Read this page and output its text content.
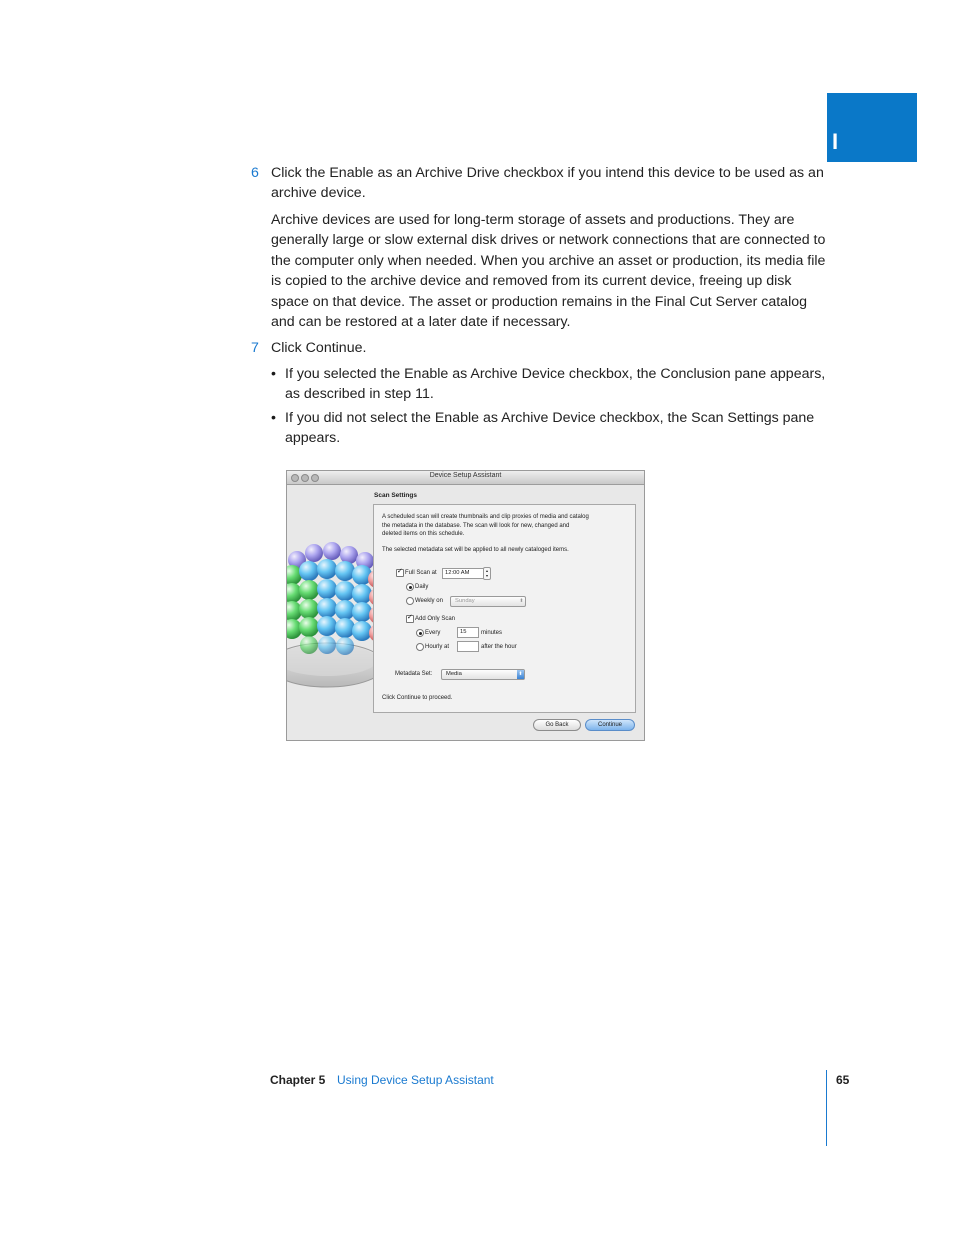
I
6 Click the Enable as an Archive Drive checkbox if you intend this device to be used as an archive device.
Archive devices are used for long-term storage of assets and productions. They are generally large or slow external disk drives or network connections that are connected to the computer only when needed. When you archive an asset or production, its media file is copied to the archive device and removed from its current device, freeing up disk space on that device. The asset or production remains in the Final Cut Server catalog and can be restored at a later date if necessary.
7 Click Continue.
• If you selected the Enable as Archive Device checkbox, the Conclusion pane appears, as described in step 11.
• If you did not select the Enable as Archive Device checkbox, the Scan Settings pane appears.
Device Setup Assistant
Scan Settings
A scheduled scan will create thumbnails and clip proxies of media and catalog
the metadata in the database. The scan will look for new, changed and
deleted items on this schedule.
The selected metadata set will be applied to all newly cataloged items.
✓
Full Scan at	12:00 AM	▴
▾
Daily
Weekly on	Sunday	⬍
✓
Add Only Scan
Every	15	minutes
Hourly at	after the hour
Metadata Set:	Media	⬍
Click Continue to proceed.
Go Back	Continue
Chapter 5 Using Device Setup Assistant	65
